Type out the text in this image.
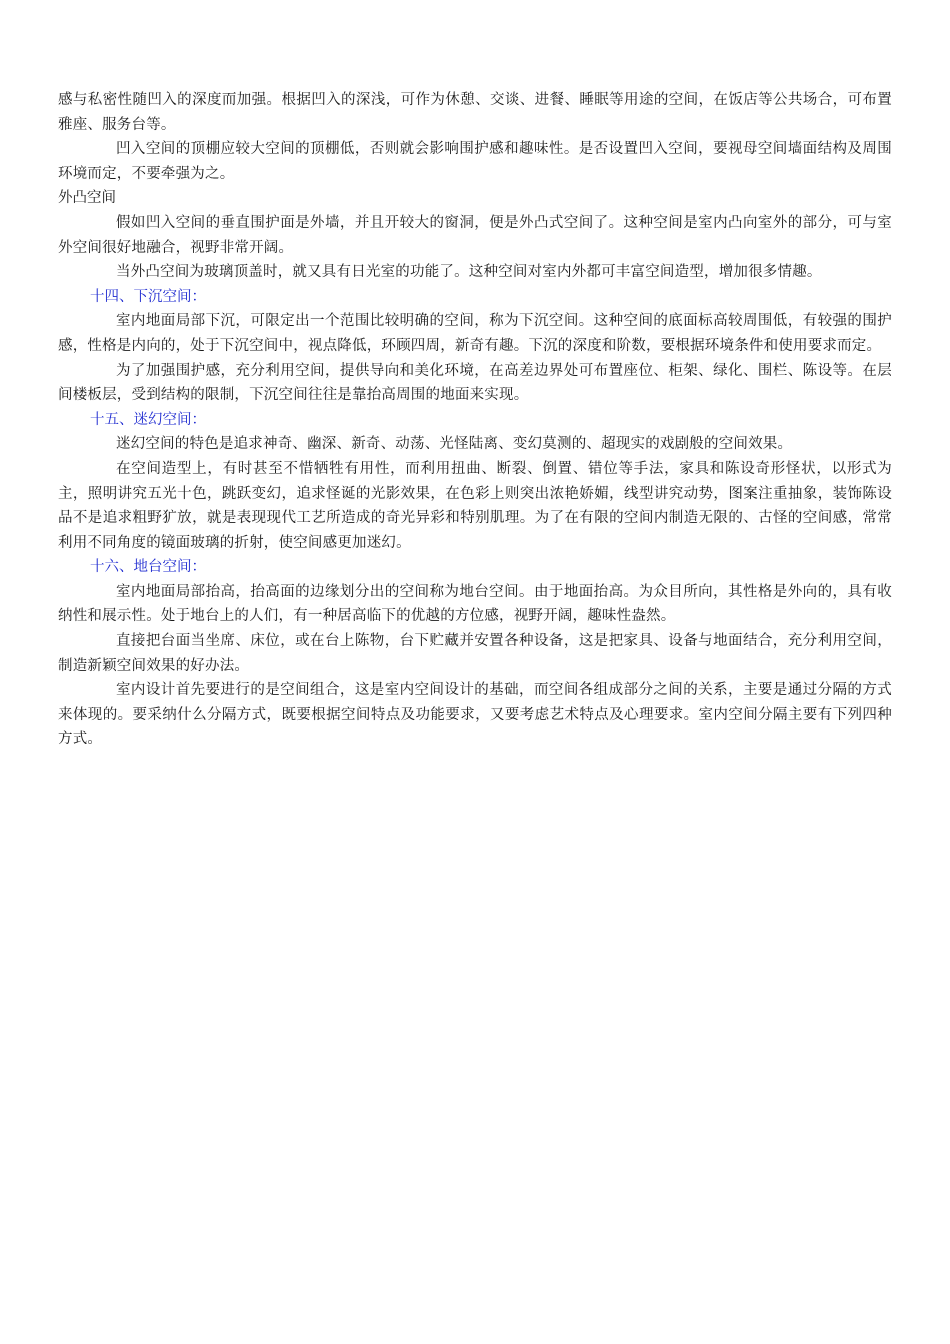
感与私密性随凹入的深度而加强。根据凹入的深浅，可作为休憩、交谈、进餐、睡眠等用途的空间，在饭店等公共场合，可布置雅座、服务台等。

凹入空间的顶棚应较大空间的顶棚低，否则就会影响围护感和趣味性。是否设置凹入空间，要视母空间墙面结构及周围环境而定，不要牵强为之。

外凸空间

假如凹入空间的垂直围护面是外墙，并且开较大的窗洞，便是外凸式空间了。这种空间是室内凸向室外的部分，可与室外空间很好地融合，视野非常开阔。

当外凸空间为玻璃顶盖时，就又具有日光室的功能了。这种空间对室内外都可丰富空间造型，增加很多情趣。

十四、下沉空间：

室内地面局部下沉，可限定出一个范围比较明确的空间，称为下沉空间。这种空间的底面标高较周围低，有较强的围护感，性格是内向的，处于下沉空间中，视点降低，环顾四周，新奇有趣。下沉的深度和阶数，要根据环境条件和使用要求而定。

为了加强围护感，充分利用空间，提供导向和美化环境，在高差边界处可布置座位、柜架、绿化、围栏、陈设等。在层间楼板层，受到结构的限制，下沉空间往往是靠抬高周围的地面来实现。

十五、迷幻空间：

迷幻空间的特色是追求神奇、幽深、新奇、动荡、光怪陆离、变幻莫测的、超现实的戏剧般的空间效果。

在空间造型上，有时甚至不惜牺牲有用性，而利用扭曲、断裂、倒置、错位等手法，家具和陈设奇形怪状，以形式为主，照明讲究五光十色，跳跃变幻，追求怪诞的光影效果，在色彩上则突出浓艳娇媚，线型讲究动势，图案注重抽象，装饰陈设品不是追求粗野犷放，就是表现现代工艺所造成的奇光异彩和特别肌理。为了在有限的空间内制造无限的、古怪的空间感，常常利用不同角度的镜面玻璃的折射，使空间感更加迷幻。

十六、地台空间：

室内地面局部抬高，抬高面的边缘划分出的空间称为地台空间。由于地面抬高。为众目所向，其性格是外向的，具有收纳性和展示性。处于地台上的人们，有一种居高临下的优越的方位感，视野开阔，趣味性盎然。

直接把台面当坐席、床位，或在台上陈物，台下贮藏并安置各种设备，这是把家具、设备与地面结合，充分利用空间，制造新颖空间效果的好办法。

室内设计首先要进行的是空间组合，这是室内空间设计的基础，而空间各组成部分之间的关系，主要是通过分隔的方式来体现的。要采纳什么分隔方式，既要根据空间特点及功能要求，又要考虑艺术特点及心理要求。室内空间分隔主要有下列四种方式。
